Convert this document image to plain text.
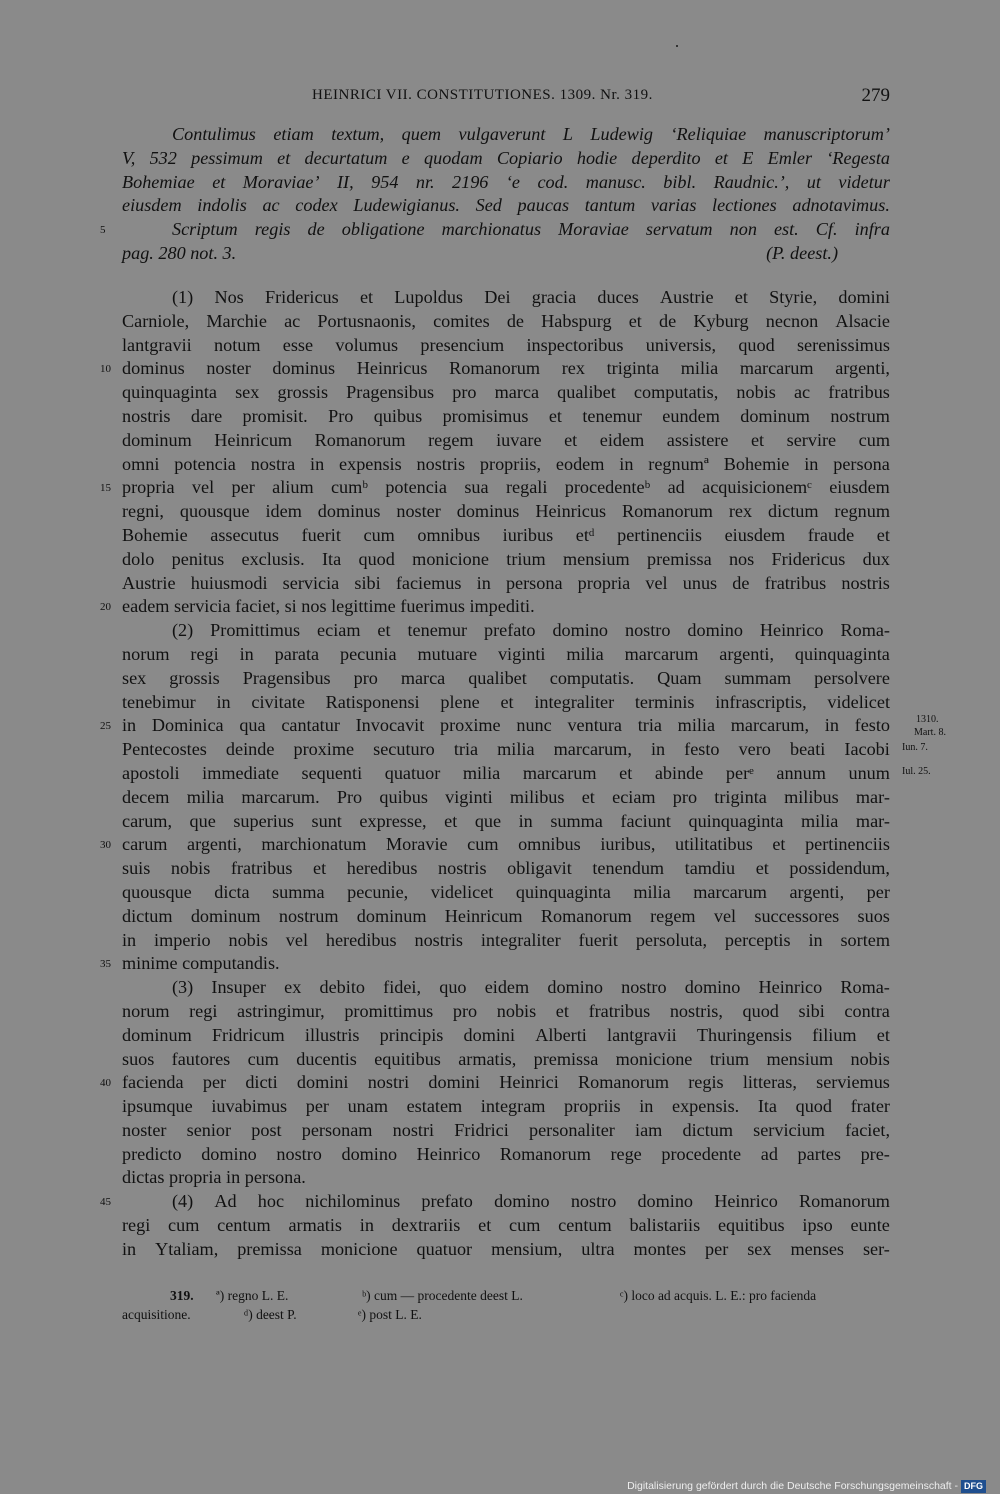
HEINRICI VII. CONSTITUTIONES. 1309. Nr. 319.	279
Contulimus etiam textum, quem vulgaverunt L Ludewig ‘Reliquiae manuscriptorum’
V, 532 pessimum et decurtatum e quodam Copiario hodie deperdito et E Emler ‘Regesta
Bohemiae et Moraviae’ II, 954 nr. 2196 ‘e cod. manusc. bibl. Raudnic.’, ut videtur
eiusdem indolis ac codex Ludewigianus. Sed paucas tantum varias lectiones adnotavimus.
5	Scriptum regis de obligatione marchionatus Moraviae servatum non est. Cf. infra
pag. 280 not. 3.	(P. deest.)
(1) Nos Fridericus et Lupoldus Dei gracia duces Austrie et Styrie, domini
Carniole, Marchie ac Portusnaonis, comites de Habspurg et de Kyburg necnon Alsacie
lantgravii notum esse volumus presencium inspectoribus universis, quod serenissimus
10 dominus noster dominus Heinricus Romanorum rex triginta milia marcarum argenti,
quinquaginta sex grossis Pragensibus pro marca qualibet computatis, nobis ac fratribus
nostris dare promisit. Pro quibus promisimus et tenemur eundem dominum nostrum
dominum Heinricum Romanorum regem iuvare et eidem assistere et servire cum
omni potencia nostra in expensis nostris propriis, eodem in regnumª Bohemie in persona
15 propria vel per alium cumᵇ potencia sua regali procedenteᵇ ad acquisicionemᶜ eiusdem
regni, quousque idem dominus noster dominus Heinricus Romanorum rex dictum regnum
Bohemie assecutus fuerit cum omnibus iuribus etᵈ pertinenciis eiusdem fraude et
dolo penitus exclusis. Ita quod monicione trium mensium premissa nos Fridericus dux
Austrie huiusmodi servicia sibi faciemus in persona propria vel unus de fratribus nostris
20 eadem servicia faciet, si nos legittime fuerimus impediti.
(2) Promittimus eciam et tenemur prefato domino nostro domino Heinrico Roma-
norum regi in parata pecunia mutuare viginti milia marcarum argenti, quinquaginta
sex grossis Pragensibus pro marca qualibet computatis. Quam summam persolvere
tenebimur in civitate Ratisponensi plene et integraliter terminis infrascriptis, videlicet
25 in Dominica qua cantatur Invocavit proxime nunc ventura tria milia marcarum, in festo
Pentecostes deinde proxime secuturo tria milia marcarum, in festo vero beati Iacobi
apostoli immediate sequenti quatuor milia marcarum et abinde perᵉ annum unum
decem milia marcarum. Pro quibus viginti milibus et eciam pro triginta milibus mar-
carum, que superius sunt expresse, et que in summa faciunt quinquaginta milia mar-
30 carum argenti, marchionatum Moravie cum omnibus iuribus, utilitatibus et pertinenciis
suis nobis fratribus et heredibus nostris obligavit tenendum tamdiu et possidendum,
quousque dicta summa pecunie, videlicet quinquaginta milia marcarum argenti, per
dictum dominum nostrum dominum Heinricum Romanorum regem vel successores suos
in imperio nobis vel heredibus nostris integraliter fuerit persoluta, perceptis in sortem
35 minime computandis.
(3) Insuper ex debito fidei, quo eidem domino nostro domino Heinrico Roma-
norum regi astringimur, promittimus pro nobis et fratribus nostris, quod sibi contra
dominum Fridricum illustris principis domini Alberti lantgravii Thuringensis filium et
suos fautores cum ducentis equitibus armatis, premissa monicione trium mensium nobis
40 facienda per dicti domini nostri domini Heinrici Romanorum regis litteras, serviemus
ipsumque iuvabimus per unam estatem integram propriis in expensis. Ita quod frater
noster senior post personam nostri Fridrici personaliter iam dictum servicium faciet,
predicto domino nostro domino Heinrico Romanorum rege procedente ad partes pre-
dictas propria in persona.
45	(4) Ad hoc nichilominus prefato domino nostro domino Heinrico Romanorum
regi cum centum armatis in dextrariis et cum centum balistariis equitibus ipso eunte
in Ytaliam, premissa monicione quatuor mensium, ultra montes per sex menses ser-
1310.
Mart. 8.
Iun. 7.
Iul. 25.
319. ª) regno L. E.	ᵇ) cum — procedente deest L.	ᶜ) loco ad acquis. L. E.: pro facienda
acquisitione.	ᵈ) deest P.	ᵉ) post L. E.
Digitalisierung gefördert durch die Deutsche Forschungsgemeinschaft - DFG
